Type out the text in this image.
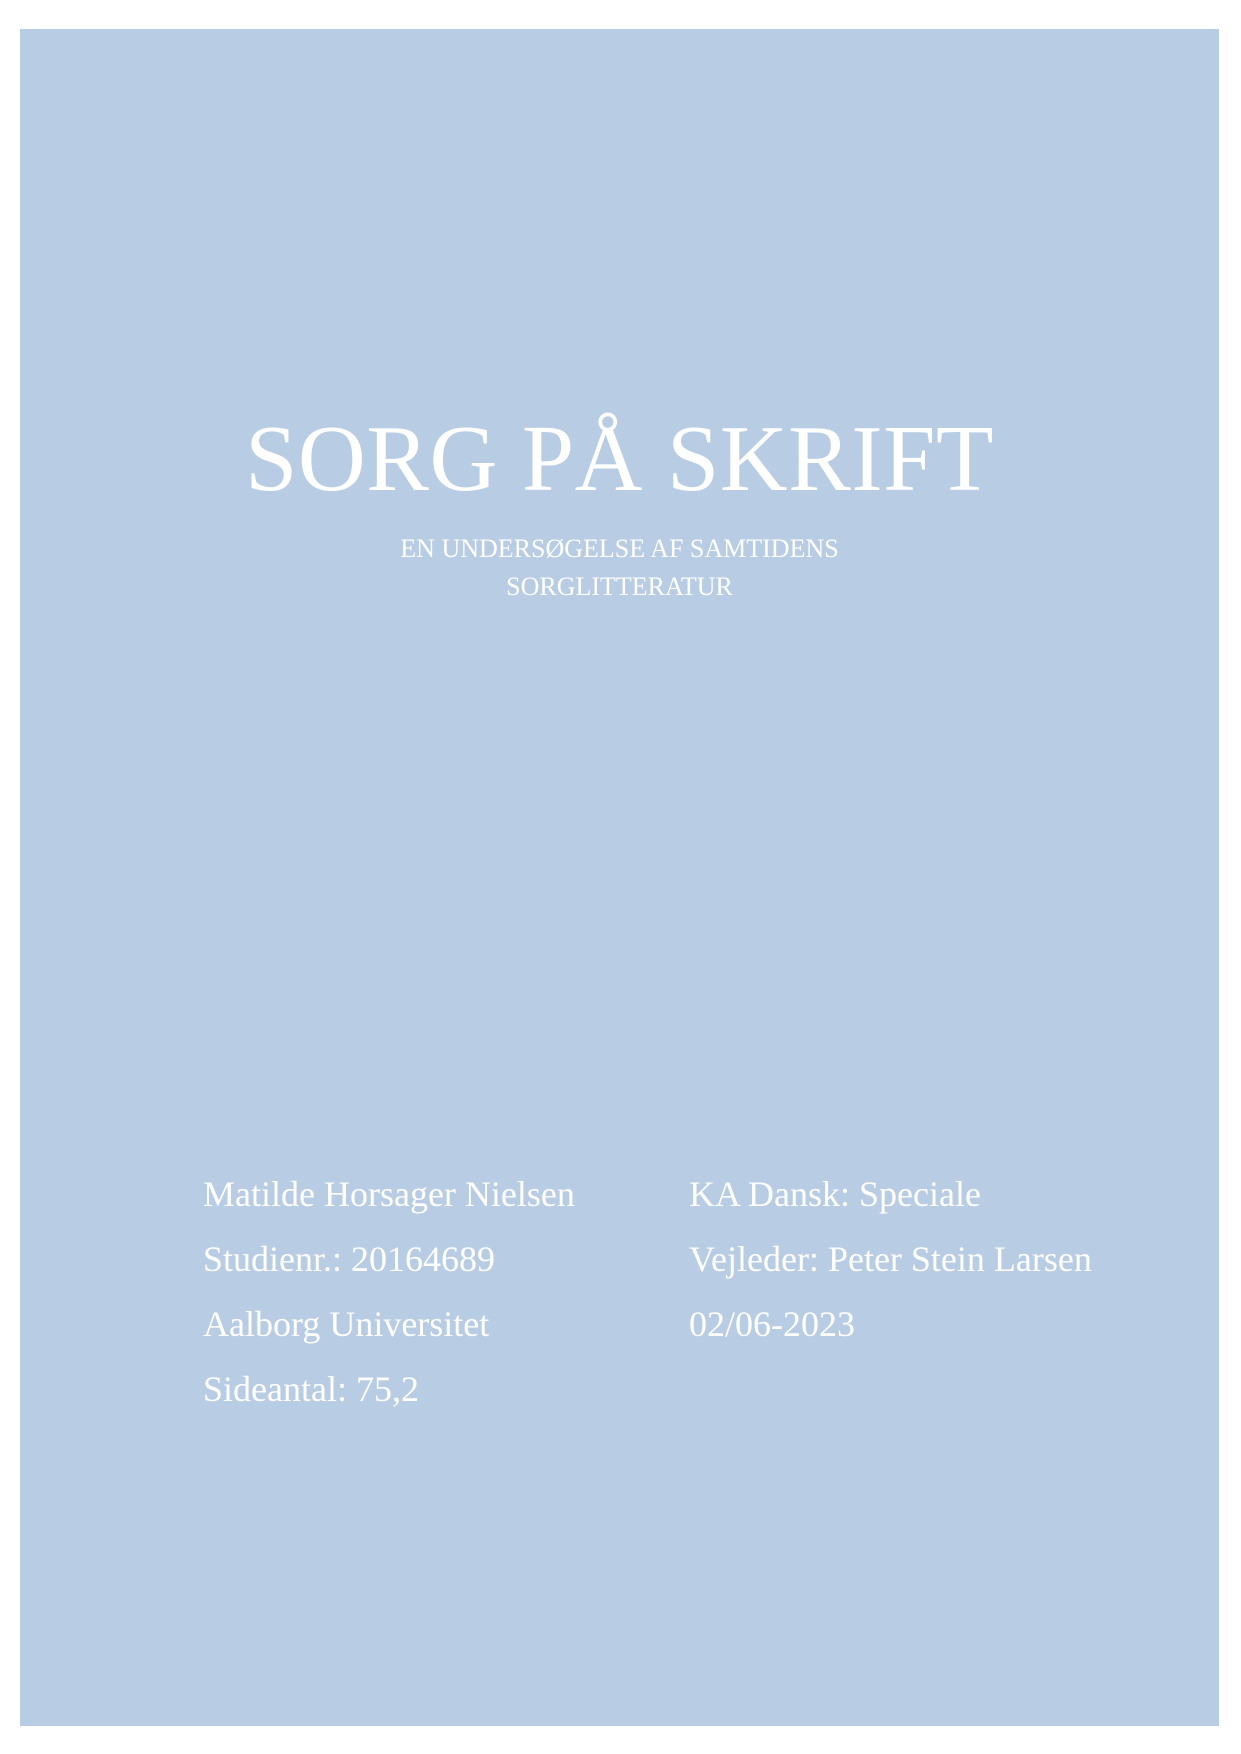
SORG PÅ SKRIFT
EN UNDERSØGELSE AF SAMTIDENS
SORGLITTERATUR
Matilde Horsager Nielsen
Studienr.: 20164689
Aalborg Universitet
Sideantal: 75,2
KA Dansk: Speciale
Vejleder: Peter Stein Larsen
02/06-2023
